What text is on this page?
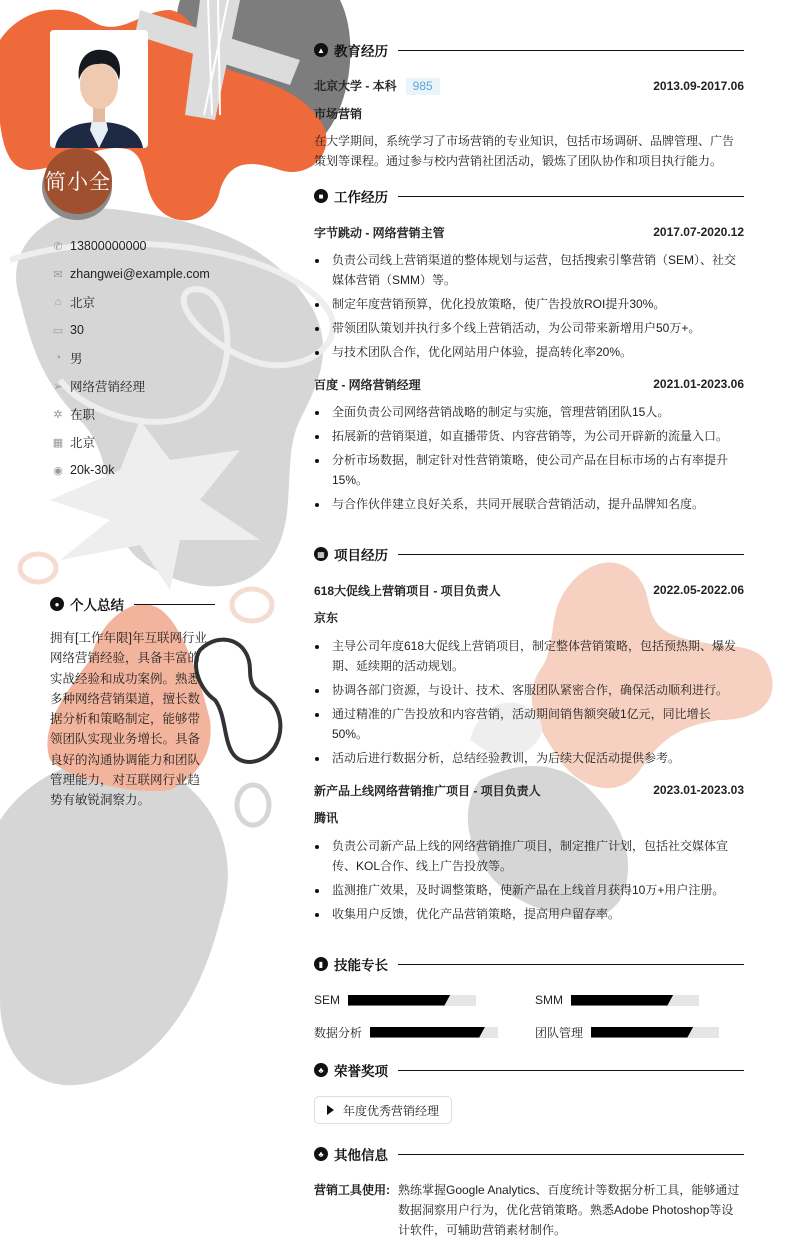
简小全
✆ 13800000000
✉ zhangwei@example.com
⌂ 北京
▭ 30
◔ 男
➢ 网络营销经理
✲ 在职
▦ 北京
◉ 20k-30k
● 个人总结
拥有[工作年限]年互联网行业网络营销经验，具备丰富的实战经验和成功案例。熟悉多种网络营销渠道，擅长数据分析和策略制定，能够带领团队实现业务增长。具备良好的沟通协调能力和团队管理能力，对互联网行业趋势有敏锐洞察力。
▲ 教育经历
北京大学 - 本科 985	2013.09-2017.06
市场营销
在大学期间，系统学习了市场营销的专业知识，包括市场调研、品牌管理、广告策划等课程。通过参与校内营销社团活动，锻炼了团队协作和项目执行能力。
■ 工作经历
字节跳动 - 网络营销主管	2017.07-2020.12
负责公司线上营销渠道的整体规划与运营，包括搜索引擎营销（SEM）、社交媒体营销（SMM）等。
制定年度营销预算，优化投放策略，使广告投放ROI提升30%。
带领团队策划并执行多个线上营销活动，为公司带来新增用户50万+。
与技术团队合作，优化网站用户体验，提高转化率20%。
百度 - 网络营销经理	2021.01-2023.06
全面负责公司网络营销战略的制定与实施，管理营销团队15人。
拓展新的营销渠道，如直播带货、内容营销等，为公司开辟新的流量入口。
分析市场数据，制定针对性营销策略，使公司产品在目标市场的占有率提升15%。
与合作伙伴建立良好关系，共同开展联合营销活动，提升品牌知名度。
▦ 项目经历
618大促线上营销项目 - 项目负责人	2022.05-2022.06
京东
主导公司年度618大促线上营销项目，制定整体营销策略，包括预热期、爆发期、延续期的活动规划。
协调各部门资源，与设计、技术、客服团队紧密合作，确保活动顺利进行。
通过精准的广告投放和内容营销，活动期间销售额突破1亿元，同比增长50%。
活动后进行数据分析，总结经验教训，为后续大促活动提供参考。
新产品上线网络营销推广项目 - 项目负责人	2023.01-2023.03
腾讯
负责公司新产品上线的网络营销推广项目，制定推广计划，包括社交媒体宣传、KOL合作、线上广告投放等。
监测推广效果，及时调整策略，使新产品在上线首月获得10万+用户注册。
收集用户反馈，优化产品营销策略，提高用户留存率。
▮ 技能专长
SEM	SMM
数据分析	团队管理
♣ 荣誉奖项
年度优秀营销经理
♣ 其他信息
营销工具使用: 熟练掌握Google Analytics、百度统计等数据分析工具，能够通过数据洞察用户行为，优化营销策略。熟悉Adobe Photoshop等设计软件，可辅助营销素材制作。
